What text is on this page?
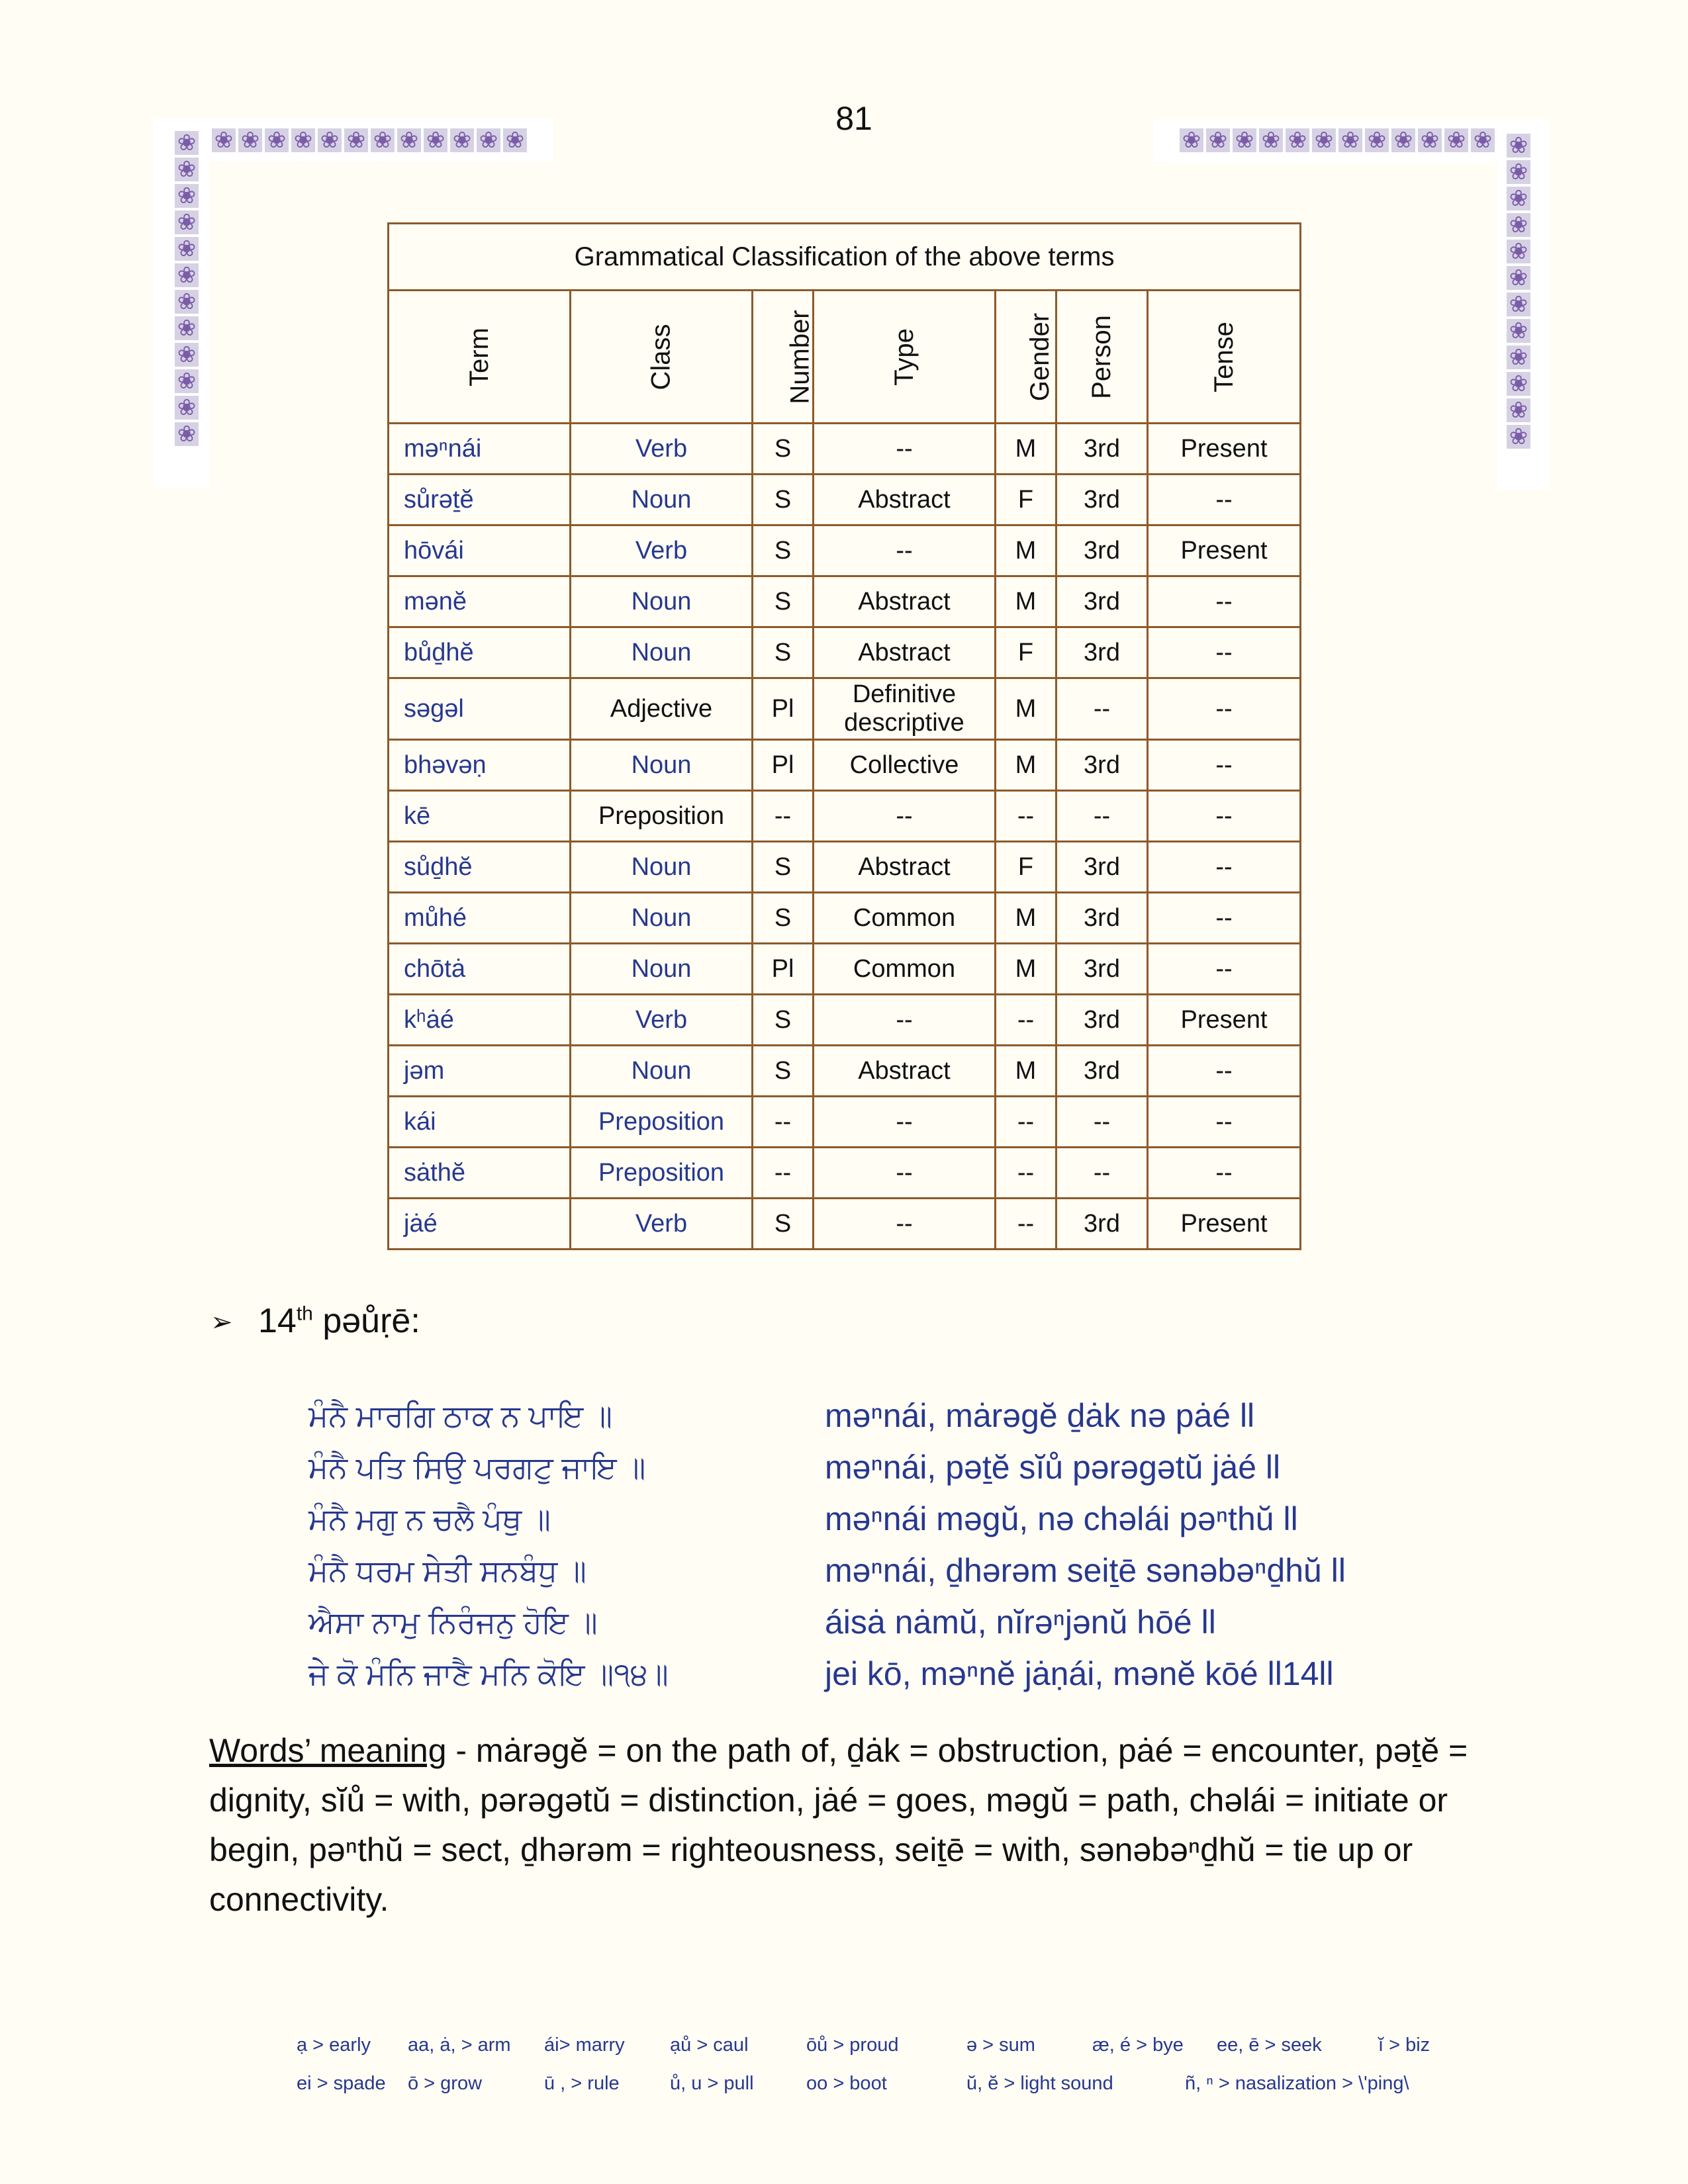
81
❀ ❀ ❀ ❀ ❀ ❀ ❀ ❀ ❀ ❀ ❀ ❀
❀
❀
❀
❀
❀
❀
❀
❀
❀
❀
❀
❀
❀ ❀ ❀ ❀ ❀ ❀ ❀ ❀ ❀ ❀ ❀ ❀ ❀
❀
❀
❀
❀
❀
❀
❀
❀
❀
❀
❀
Grammatical Classification of the above terms						
Term	Class	Number	Type	Gender	Person	Tense
məⁿnái	Verb	S	--	M	3rd	Present
sůrəṯĕ	Noun	S	Abstract	F	3rd	--
hōvái	Verb	S	--	M	3rd	Present
mənĕ	Noun	S	Abstract	M	3rd	--
bůḏhĕ	Noun	S	Abstract	F	3rd	--
səgəl	Adjective	Pl	Definitive descriptive	M	--	--
bhəvəṇ	Noun	Pl	Collective	M	3rd	--
kē	Preposition	--	--	--	--	--
sůḏhĕ	Noun	S	Abstract	F	3rd	--
můhé	Noun	S	Common	M	3rd	--
chōtȧ	Noun	Pl	Common	M	3rd	--
kʰȧé	Verb	S	--	--	3rd	Present
jəm	Noun	S	Abstract	M	3rd	--
kái	Preposition	--	--	--	--	--
sȧthĕ	Preposition	--	--	--	--	--
jȧé	Verb	S	--	--	3rd	Present
➢ 14th pəůṛē:
ਮੰਨੈ ਮਾਰਗਿ ਠਾਕ ਨ ਪਾਇ ॥
ਮੰਨੈ ਪਤਿ ਸਿਉ ਪਰਗਟੁ ਜਾਇ ॥
ਮੰਨੈ ਮਗੁ ਨ ਚਲੈ ਪੰਥੁ ॥
ਮੰਨੈ ਧਰਮ ਸੇਤੀ ਸਨਬੰਧੁ ॥
ਐਸਾ ਨਾਮੁ ਨਿਰੰਜਨੁ ਹੋਇ ॥
ਜੇ ਕੋ ਮੰਨਿ ਜਾਣੈ ਮਨਿ ਕੋਇ ॥੧੪॥
məⁿnái, mȧrəgĕ ḏȧk nə pȧé ll
məⁿnái, pəṯĕ sĭů pərəgətŭ jȧé ll
məⁿnái məgŭ, nə chəlái pəⁿthŭ ll
məⁿnái, ḏhərəm seiṯē sənəbəⁿḏhŭ ll
áisȧ nȧmŭ, nĭrəⁿjənŭ hōé ll
jei kō, məⁿnĕ jȧṇái, mənĕ kōé ll14ll
Words’ meaning - mȧrəgĕ = on the path of, ḏȧk = obstruction, pȧé = encounter, pəṯĕ = dignity, sĭů = with, pərəgətŭ = distinction, jȧé = goes, məgŭ = path, chəlái = initiate or begin, pəⁿthŭ = sect, ḏhərəm = righteousness, seiṯē = with, sənəbəⁿḏhŭ = tie up or connectivity.
ạ > early aa, ȧ, > arm ái> marry ạů > caul	ōů > proud	ə > sum	æ, é > bye ee, ē > seek	ĭ > biz
ei > spade ō > grow	ū , > rule	ů, u > pull	oo > boot	ŭ, ĕ > light sound	ñ, ⁿ > nasalization > \'ping\
